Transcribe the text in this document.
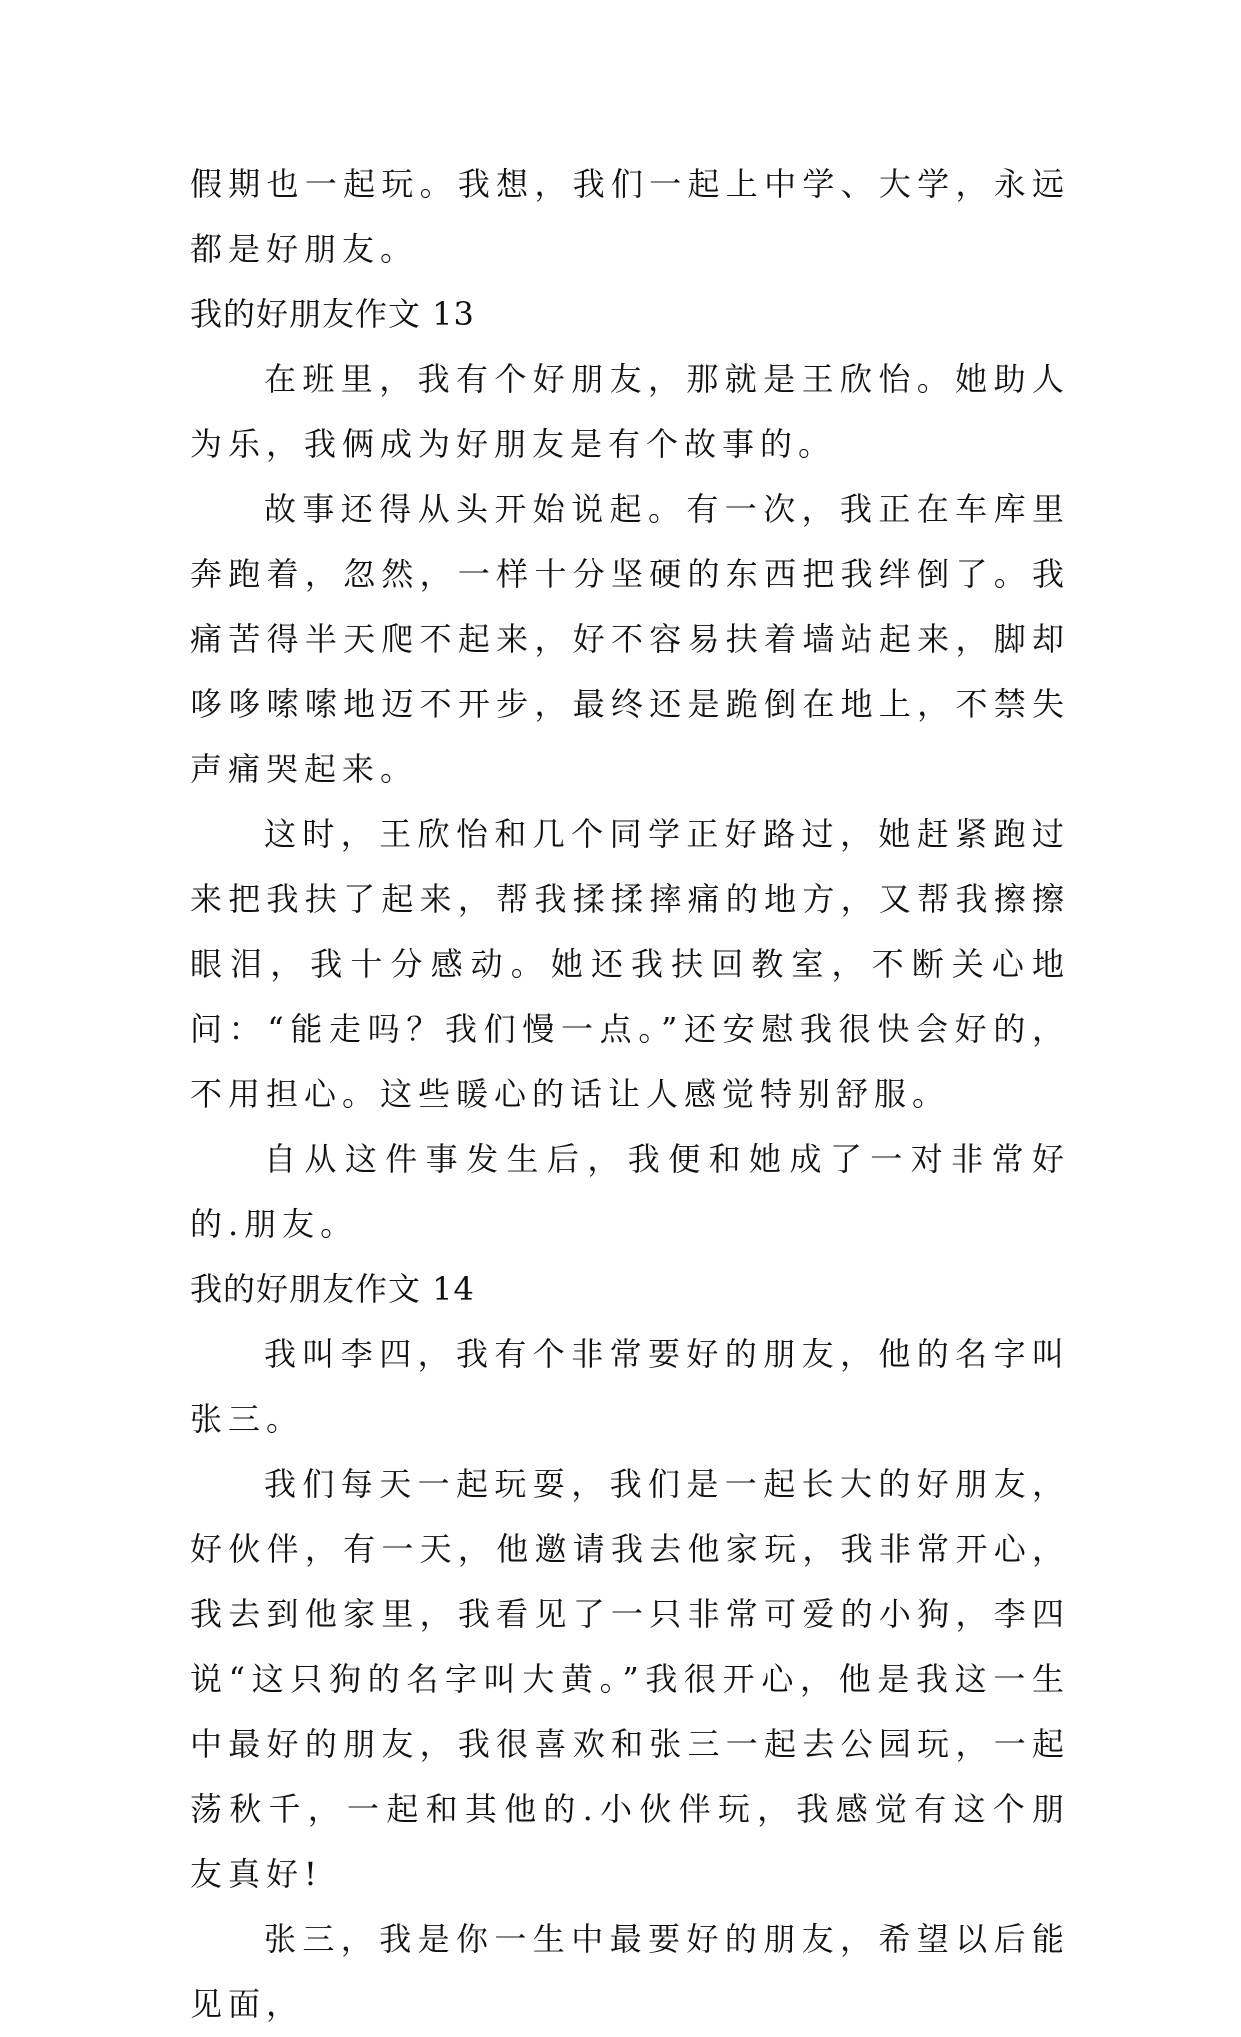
假期也一起玩。我想，我们一起上中学、大学，永远都是好朋友。

我的好朋友作文 13

在班里，我有个好朋友，那就是王欣怡。她助人为乐，我俩成为好朋友是有个故事的。

故事还得从头开始说起。有一次，我正在车库里奔跑着，忽然，一样十分坚硬的东西把我绊倒了。我痛苦得半天爬不起来，好不容易扶着墙站起来，脚却哆哆嗦嗦地迈不开步，最终还是跪倒在地上，不禁失声痛哭起来。

这时，王欣怡和几个同学正好路过，她赶紧跑过来把我扶了起来，帮我揉揉摔痛的地方，又帮我擦擦眼泪，我十分感动。她还我扶回教室，不断关心地问：“能走吗？我们慢一点。”还安慰我很快会好的，不用担心。这些暖心的话让人感觉特别舒服。

自从这件事发生后，我便和她成了一对非常好的.朋友。

我的好朋友作文 14

我叫李四，我有个非常要好的朋友，他的名字叫张三。

我们每天一起玩耍，我们是一起长大的好朋友，好伙伴，有一天，他邀请我去他家玩，我非常开心，我去到他家里，我看见了一只非常可爱的小狗，李四说“这只狗的名字叫大黄。”我很开心，他是我这一生中最好的朋友，我很喜欢和张三一起去公园玩，一起荡秋千，一起和其他的.小伙伴玩，我感觉有这个朋友真好!

张三，我是你一生中最要好的朋友，希望以后能见面，
